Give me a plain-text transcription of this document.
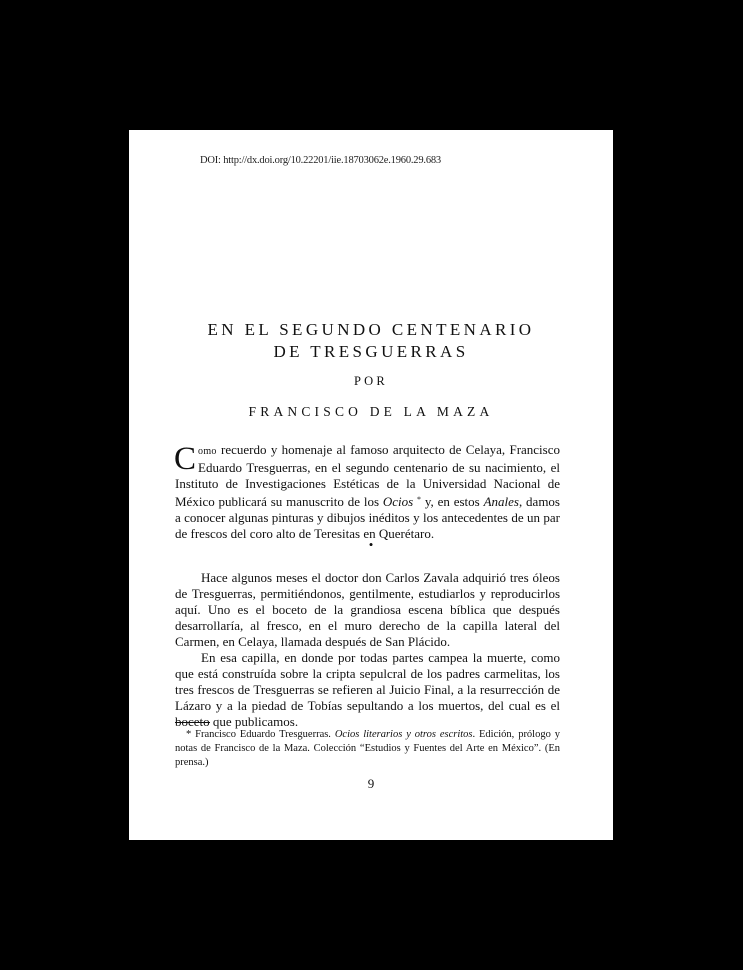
DOI: http://dx.doi.org/10.22201/iie.18703062e.1960.29.683
EN EL SEGUNDO CENTENARIO
DE TRESGUERRAS
POR
FRANCISCO DE LA MAZA

Como recuerdo y homenaje al famoso arquitecto de Celaya, Francisco Eduardo Tresguerras, en el segundo centenario de su nacimiento, el Instituto de Investigaciones Estéticas de la Universidad Nacional de México publicará su manuscrito de los Ocios * y, en estos Anales, damos a conocer algunas pinturas y dibujos inéditos y los antecedentes de un par de frescos del coro alto de Teresitas en Querétaro.

•

Hace algunos meses el doctor don Carlos Zavala adquirió tres óleos de Tresguerras, permitiéndonos, gentilmente, estudiarlos y reproducirlos aquí. Uno es el boceto de la grandiosa escena bíblica que después desarrollaría, al fresco, en el muro derecho de la capilla lateral del Carmen, en Celaya, llamada después de San Plácido.

En esa capilla, en donde por todas partes campea la muerte, como que está construída sobre la cripta sepulcral de los padres carmelitas, los tres frescos de Tresguerras se refieren al Juicio Final, a la resurrección de Lázaro y a la piedad de Tobías sepultando a los muertos, del cual es el boceto que publicamos.

* Francisco Eduardo Tresguerras. Ocios literarios y otros escritos. Edición, prólogo y notas de Francisco de la Maza. Colección “Estudios y Fuentes del Arte en México”. (En prensa.)

9
